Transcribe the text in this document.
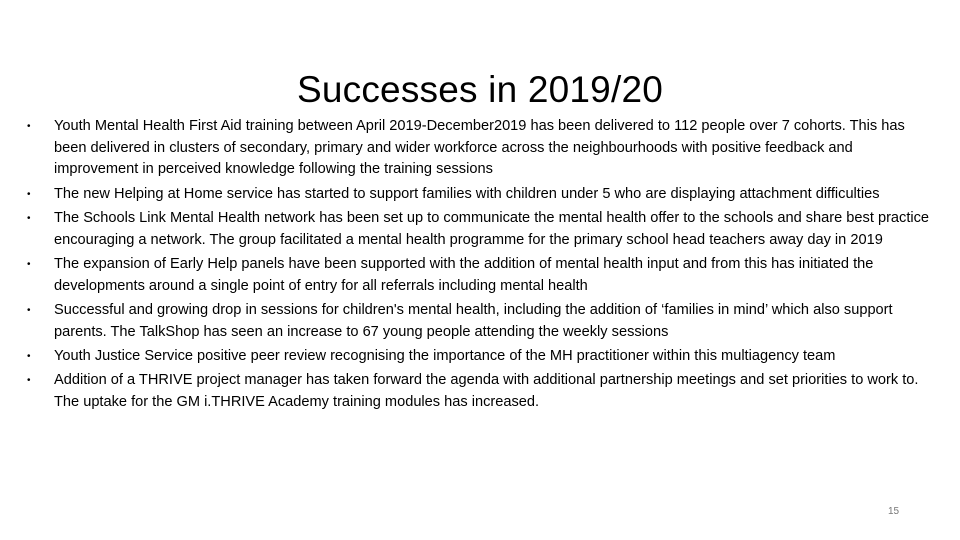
Successes in 2019/20
• Youth Mental Health First Aid training between April 2019-December2019 has been delivered to 112 people over 7 cohorts. This has been delivered in clusters of secondary, primary and wider workforce across the neighbourhoods with positive feedback and improvement in perceived knowledge following the training sessions
• The new Helping at Home service has started to support families with children under 5 who are displaying attachment difficulties
• The Schools Link Mental Health network has been set up to communicate the mental health offer to the schools and share best practice encouraging a network. The group facilitated a mental health programme for the primary school head teachers away day in 2019
• The expansion of Early Help panels have been supported with the addition of mental health input and from this has initiated the developments around a single point of entry for all referrals including mental health
• Successful and growing drop in sessions for children's mental health, including the addition of ‘families in mind’ which also support parents. The TalkShop has seen an increase to 67 young people attending the weekly sessions
• Youth Justice Service positive peer review recognising the importance of the MH practitioner within this multiagency team
• Addition of a THRIVE project manager has taken forward the agenda with additional partnership meetings and set priorities to work to. The uptake for the GM i.THRIVE Academy training modules has increased.
15
